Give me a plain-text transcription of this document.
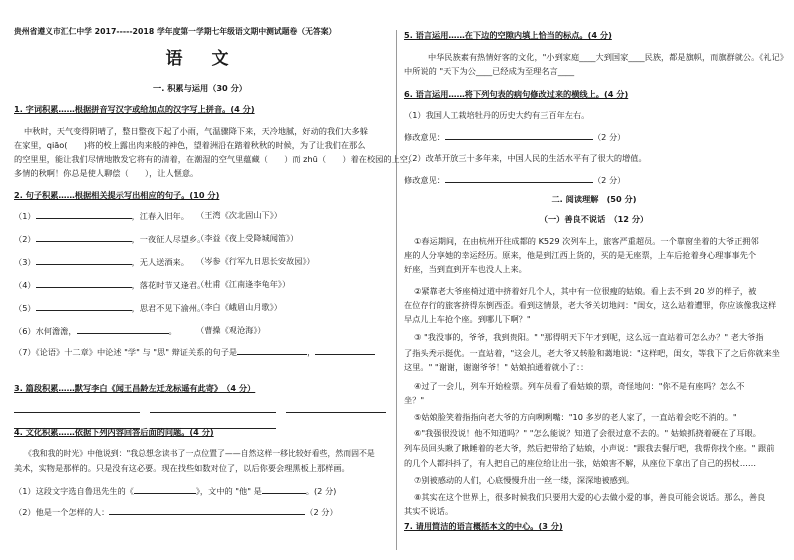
贵州省遵义市汇仁中学 2017-----2018 学年度第一学期七年级语文期中测试题卷（无答案）
语　文
一. 积累与运用（30 分）
1. 字词积累……根据拼音写汉字或给加点的汉字写上拼音。(4 分)
中秋时，天气变得阴晴了，整日整夜下起了小雨，气温骤降下来，天冷地腻，好动的我们大多躲
在家里，qiāo(　　)将的校上露出肉来般的神色，望着洲沿在踏着秋秋的时候，为了让我们在那么
的空里里，能让我们尽情地散发它将有的清着，在潮湿的空气里蕴藏（　　）而 zhū（　　）着在校园的上空，
多情的秋啊！你总是使人聊偿（　　），让人惬意。
2. 句子积累……根据相关提示写出相应的句子。(10 分)
（1）	，江春入旧年。 （王湾《次北固山下》）
（2）	，一夜征人尽望乡。
（李益《夜上受降城闻笛》）
（3）	，无人送酒来。 （岑参《行军九日思长安故园》）
（4）	，落花时节又逢君。
（杜甫《江南逢李龟年》）
（5）	，思君不见下渝州。
（李白《峨眉山月歌》）
（6）水何澹澹，	。 （曹操《观沧海》）
（7）《论语》十二章》中论述 "学" 与 "思" 辩证关系的句子是	，
3. 篇段积累……默写李白《闻王昌龄左迁龙标遥有此寄》　（4 分）
4. 文化积累……依据下列内容回答后面的问题。(4 分)
《我和我的时光》中他说到："我总想念读书了一点位置了——自然这样一移比较好看些，然而固不是
美术，实物是那样的。只是没有这必要。现在找些如数对位了，以后你要会理黑板上那样画。
（1）这段文字选自鲁迅先生的《	》，文中的 "他" 是	。(2 分)
（2）他是一个怎样的人：	（2 分）
5. 语言运用……在下边的空隙内填上恰当的标点。(4 分)
中华民族素有热情好客的文化，"小到家庭____大到国家____民族，都是旗帜，而旗群就公。《礼记》
中所说的 "天下为公____已经成为至理名言____
6. 语言运用……将下列句表的病句修改过来的横线上。(4 分)
（1）我国人工栽培牡丹的历史大约有三百年左右。
修改意见：	（2 分）
（2）改革开放三十多年来，中国人民的生活水平有了很大的增值。
修改意见：	（2 分）
二. 阅读理解　(50 分)
（一）善良不说话　（12 分）
①春运期间，在由杭州开往成都的 K529 次列车上，旅客严重超员。一个靠窗坐着的大爷正拥邻
座的人分享她的幸运经历。原来，他是到江西上货的，买的是无座票，上车后抢着身心理事事先个
好座，当到直到开车也没人上来。
②紧靠老大爷座椅过道中挤着好几个人，其中有一位很瘦的姑娘。看上去不到 20 岁的样子，被
在位存行的旅客挤得东倒西歪。看到这情景，老大爷关切地问："闺女，这么站着遭罪，你应该像我这样
早点儿上车抢个座。到哪儿下啊？"
③ "我没事的，爷爷，我到贵阳。" "那得明天下午才到呢，这么远一直站着可怎么办？" 老大爷指
了指头秃示挺优。一直站着，"这会儿，老大爷又转脸和蔼地说："这样吧，闺女，等我下了之后你就来坐
这里。" "谢谢，谢谢爷爷！" 姑娘拍通着就小了：：
④过了一会儿，列车开始检票。列车员看了看姑娘的票，奇怪地问："你不是有座吗？怎么不
坐？"
⑤姑娘脸笑着指指向老大爷的方向咧咧嘴："10 多岁的老人家了，一直站着会吃不消的。"
⑥"我强很没说！他不知道吗？" "怎么能说？知道了会很过意不去的。" 姑娘抓挠着硬在了耳眼。
列车员回头瞅了瞅睡着的老大爷，然后把带给了姑娘，小声说："跟我去餐厅吧，我帮你找个座。" 跟前
的几个人都抖抖了，有人把自己的座位给让出一张，姑娘害不解，从座位下拿出了自己的拐杖……
⑦别被感动的人们，心底慢慢升出一丝一缕，深深地被感到。
⑧其实在这个世界上，很多时候我们只要用大爱的心去做小爱的事，善良可能会说话。那么，善良
其实不说话。
7. 请用简洁的语言概括本文的中心。(3 分)
